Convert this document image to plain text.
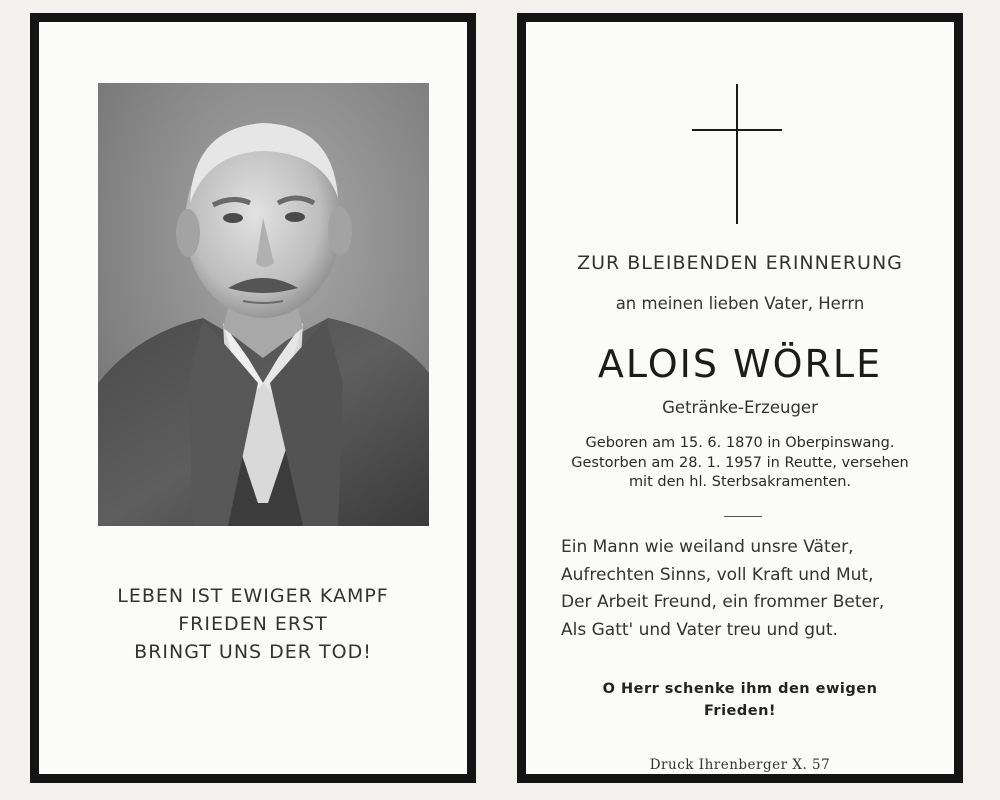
LEBEN IST EWIGER KAMPF
FRIEDEN ERST
BRINGT UNS DER TOD!
ZUR BLEIBENDEN ERINNERUNG
an meinen lieben Vater, Herrn
ALOIS WÖRLE
Getränke-Erzeuger
Geboren am 15. 6. 1870 in Oberpinswang.
Gestorben am 28. 1. 1957 in Reutte, versehen
mit den hl. Sterbsakramenten.
Ein Mann wie weiland unsre Väter,
Aufrechten Sinns, voll Kraft und Mut,
Der Arbeit Freund, ein frommer Beter,
Als Gatt' und Vater treu und gut.
O Herr schenke ihm den ewigen
Frieden!
Druck Ihrenberger X. 57
